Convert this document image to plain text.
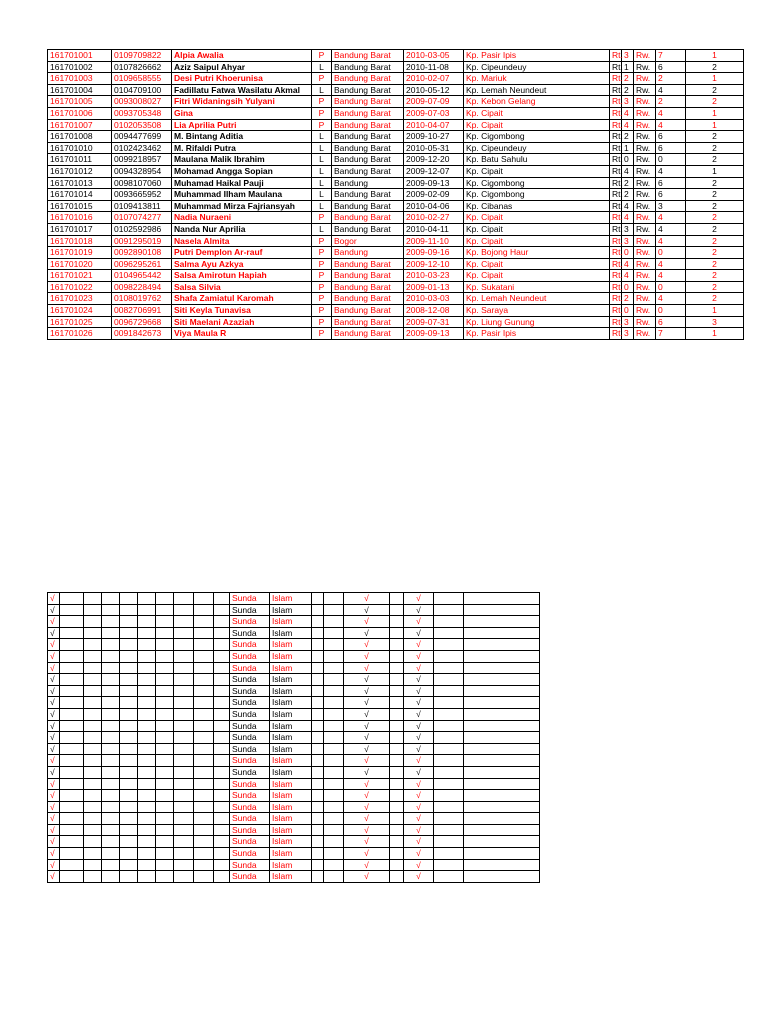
161701001	0109709822	Alpia Awalia	P	Bandung Barat	2010-03-05	Kp. Pasir Ipis	Rt.	3	Rw.	7	1
161701002	0107826662	Aziz Saipul Ahyar	L	Bandung Barat	2010-11-08	Kp. Cipeundeuy	Rt.	1	Rw.	6	2
161701003	0109658555	Desi Putri Khoerunisa	P	Bandung Barat	2010-02-07	Kp. Mariuk	Rt.	2	Rw.	2	1
161701004	0104709100	Fadillatu Fatwa Wasilatu Akmal	L	Bandung Barat	2010-05-12	Kp. Lemah Neundeut	Rt.	2	Rw.	4	2
161701005	0093008027	Fitri Widaningsih Yulyani	P	Bandung Barat	2009-07-09	Kp. Kebon Gelang	Rt.	3	Rw.	2	2
161701006	0093705348	Gina	P	Bandung Barat	2009-07-03	Kp. Cipait	Rt.	4	Rw.	4	1
161701007	0102053508	Lia Aprilia Putri	P	Bandung Barat	2010-04-07	Kp. Cipait	Rt.	4	Rw.	4	1
161701008	0094477699	M. Bintang Aditia	L	Bandung Barat	2009-10-27	Kp. Cigombong	Rt.	2	Rw.	6	2
161701010	0102423462	M. Rifaldi Putra	L	Bandung Barat	2010-05-31	Kp. Cipeundeuy	Rt.	1	Rw.	6	2
161701011	0099218957	Maulana Malik Ibrahim	L	Bandung Barat	2009-12-20	Kp. Batu Sahulu	Rt.	0	Rw.	0	2
161701012	0094328954	Mohamad Angga Sopian	L	Bandung Barat	2009-12-07	Kp. Cipait	Rt.	4	Rw.	4	1
161701013	0098107060	Muhamad Haikal Pauji	L	Bandung	2009-09-13	Kp. Cigombong	Rt.	2	Rw.	6	2
161701014	0093665952	Muhammad Ilham Maulana	L	Bandung Barat	2009-02-09	Kp. Cigombong	Rt.	2	Rw.	6	2
161701015	0109413811	Muhammad Mirza Fajriansyah	L	Bandung Barat	2010-04-06	Kp. Cibanas	Rt.	4	Rw.	3	2
161701016	0107074277	Nadia Nuraeni	P	Bandung Barat	2010-02-27	Kp. Cipait	Rt.	4	Rw.	4	2
161701017	0102592986	Nanda Nur Aprilia	L	Bandung Barat	2010-04-11	Kp. Cipait	Rt.	3	Rw.	4	2
161701018	0091295019	Nasela Almita	P	Bogor	2009-11-10	Kp. Cipait	Rt.	3	Rw.	4	2
161701019	0092890108	Putri Demplon Ar-rauf	P	Bandung	2009-09-16	Kp. Bojong Haur	Rt.	0	Rw.	0	2
161701020	0096295261	Salma Ayu Azkya	P	Bandung Barat	2009-12-10	Kp. Cipait	Rt.	4	Rw.	4	2
161701021	0104965442	Salsa Amirotun Hapiah	P	Bandung Barat	2010-03-23	Kp. Cipait	Rt.	4	Rw.	4	2
161701022	0098228494	Salsa Silvia	P	Bandung Barat	2009-01-13	Kp. Sukatani	Rt.	0	Rw.	0	2
161701023	0108019762	Shafa Zamiatul Karomah	P	Bandung Barat	2010-03-03	Kp. Lemah Neundeut	Rt.	2	Rw.	4	2
161701024	0082706991	Siti Keyla Tunavisa	P	Bandung Barat	2008-12-08	Kp. Saraya	Rt.	0	Rw.	0	1
161701025	0096729668	Siti Maelani Azaziah	P	Bandung Barat	2009-07-31	Kp. Liung Gunung	Rt.	3	Rw.	6	3
161701026	0091842673	Viya Maula R	P	Bandung Barat	2009-09-13	Kp. Pasir Ipis	Rt.	3	Rw.	7	1
√										Sunda	Islam			√		√		
√										Sunda	Islam			√		√		
√										Sunda	Islam			√		√		
√										Sunda	Islam			√		√		
√										Sunda	Islam			√		√		
√										Sunda	Islam			√		√		
√										Sunda	Islam			√		√		
√										Sunda	Islam			√		√		
√										Sunda	Islam			√		√		
√										Sunda	Islam			√		√		
√										Sunda	Islam			√		√		
√										Sunda	Islam			√		√		
√										Sunda	Islam			√		√		
√										Sunda	Islam			√		√		
√										Sunda	Islam			√		√		
√										Sunda	Islam			√		√		
√										Sunda	Islam			√		√		
√										Sunda	Islam			√		√		
√										Sunda	Islam			√		√		
√										Sunda	Islam			√		√		
√										Sunda	Islam			√		√		
√										Sunda	Islam			√		√		
√										Sunda	Islam			√		√		
√										Sunda	Islam			√		√		
√										Sunda	Islam			√		√		
